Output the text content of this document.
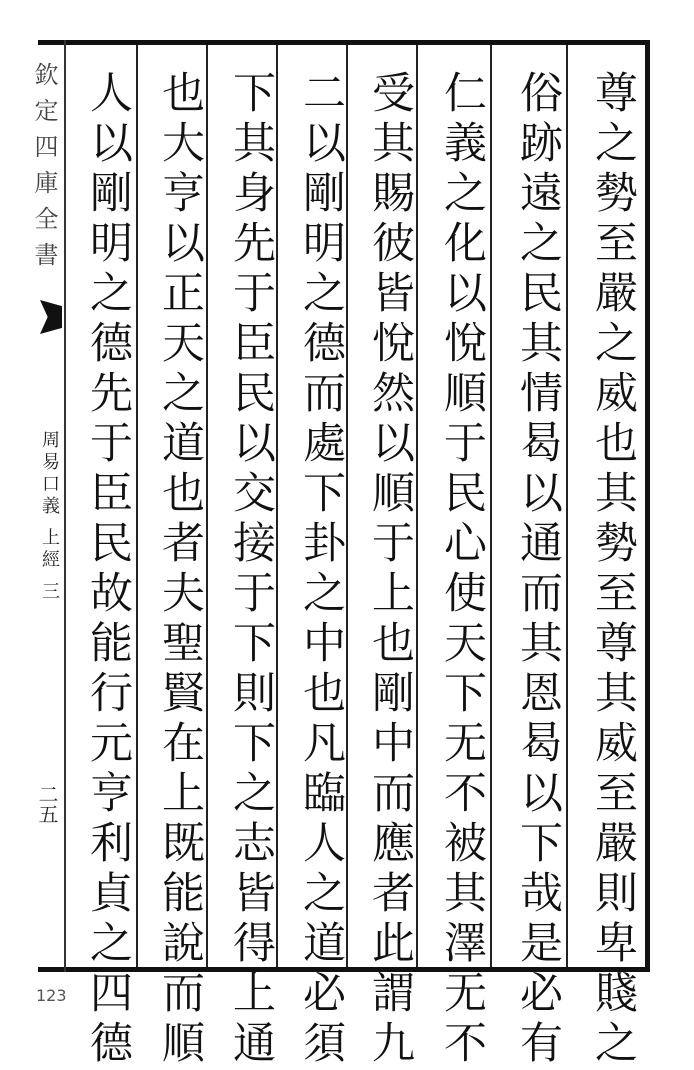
欽定四庫全書
周易口義 上經 三
二五	尊之勢至嚴之威也其勢至尊其威至嚴則卑賤之
俗跡遠之民其情曷以通而其恩曷以下哉是必有
仁義之化以悅順于民心使天下无不被其澤无不
受其賜彼皆悅然以順于上也剛中而應者此謂九
二以剛明之德而處下卦之中也凡臨人之道必須
下其身先于臣民以交接于下則下之志皆得上通
也大亨以正天之道也者夫聖賢在上既能說而順
人以剛明之德先于臣民故能行元亨利貞之四德
123
